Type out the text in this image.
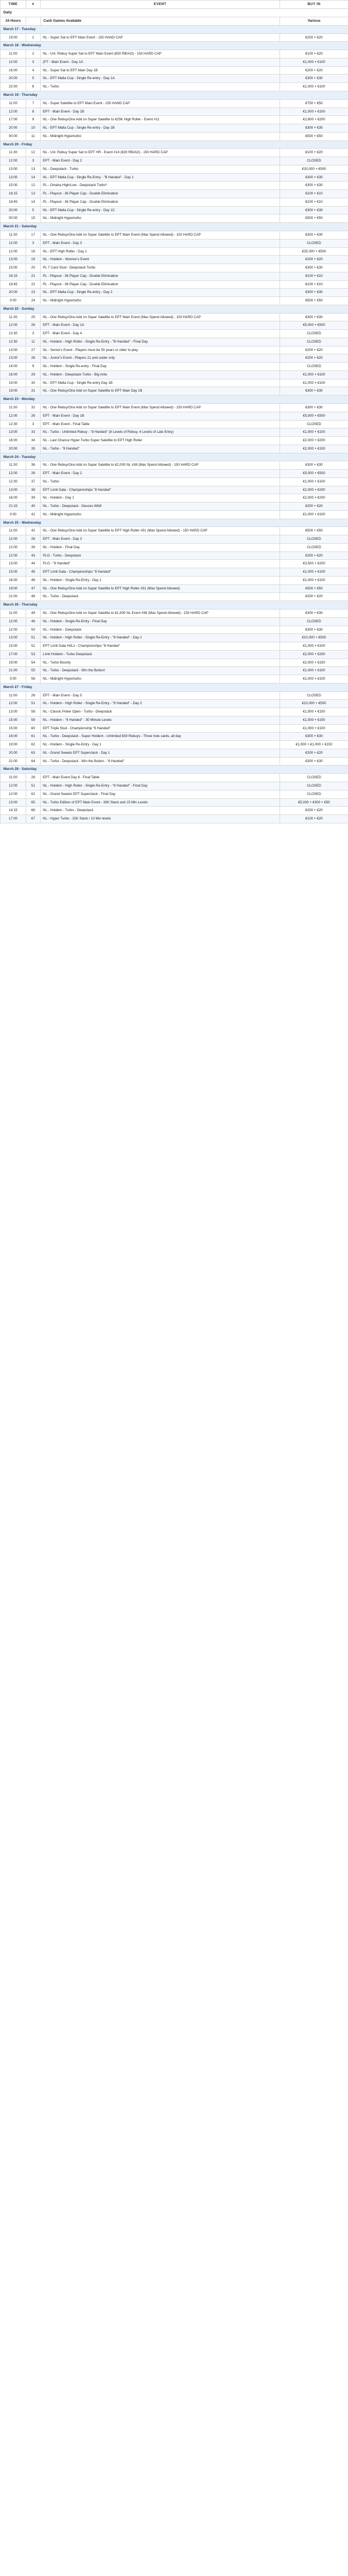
TIME	#	EVENT	BUY IN
Daily			
24 Hours		Cash Games Available	Various
March 17 - Tuesday			
19:00	1	NL - Super Sat to EPT Main Event - 150 HAND CAP	€200 + €20
March 18 - Wednesday			
11:00	2	NL - Unl. Rebuy Super Sat to EPT Main Event (€50 RB/AO) - 150 HARD CAP	€100 + €20
12:00	3	(PT - Main Event - Day 1A	€1,000 + €100
16:00	4	NL - Super Sat to EPT Main Day 1B	€200 + €20
20:00	5	NL - EPT Malta Cup - Single Re-entry - Day 1A	€300 + €30
22:00	6	NL - Turbo	€1,000 + €100
March 19 - Thursday			
11:00	7	NL - Super Satellite to EPT Main Event - 150 HAND CAP	€750 + €50
12:00	8	EPT - Main Event - Day 1B	€1,000 + €100
17:00	9	NL - One Rebuy/One Add on Super Satellite to €25K High Roller - Event #11	€2,800 + €200
20:00	10	NL - EPT Malta Cup - Single Re-entry - Day 1B	€300 + €30
00:00	11	NL - Midnight Hyperturbo	€500 + €50
March 20 - Friday			
11:30	12	NL - Unl. Rebuy Super Sat to EPT HR - Event #14 (€30 RB/AO) - 150 HARD CAP	€100 + €20
12:00	3	EPT - Main Event - Day 2	CLOSED
13:00	13	NL - Deepstack - Turbo	€20,000 + €500
13:00	14	NL - EPT Malta Cup - Single Re-Entry - "B Handed" - Day 1	€300 + €30
15:00	12	PL - Omaha High/Low - Deepstack Turbo*	€300 + €30
16:15	13	PL - Playout - 36 Player Cap - Double Elimination	€100 + €10
18:45	14	PL - Playout - 36 Player Cap - Double Elimination	€100 + €10
20:00	5	NL - EPT Malta Cup - Single Re-entry - Day 1C	€300 + €30
00:00	15	NL - Midnight Hyperturbo	€500 + €50
March 21 - Saturday			
11:30	17	NL - One Rebuy/One Add on Super Satellite to EPT Main Event (Max Spend Allowed) - 150 HARD CAP	€300 + €30
12:00	3	EPT - Main Event - Day 3	CLOSED
12:00	18	NL - EPT High Roller - Day 1	€25,000 + €500
13:00	19	NL - Holdem - Women's Event	€200 + €20
15:00	20	PL 7 Card Stud - Deepstack Turbo	€300 + €30
16:15	21	PL - Playout - 36 Player Cap - Double Elimination	€100 + €10
18:45	22	PL - Playout - 36 Player Cap - Double Elimination	€100 + €10
20:00	23	NL - EPT Malta Cup - Single Re-entry - Day 2	€300 + €30
0:00	24	NL - Midnight Hyperturbo	€500 + €50
March 22 - Sunday			
11:30	25	NL - One Rebuy/One Add on Super Satellite to EPT Main Event (Max Spend Allowed) - 150 HARD CAP	€300 + €30
12:00	26	EPT - Main Event - Day 1A	€5,000 + €500
12:30	3	EPT - Main Event - Day 4	CLOSED
12:30	11	NL - Holdem - High Roller - Single Re-Entry - "B Handed" - Final Day	CLOSED
13:00	27	NL - Senior's Event - Players must be 50 years or older to play	€200 + €20
13:00	28	NL - Junior's Event - Players 21 and under only	€200 + €20
14:00	9	NL - Holdem - Single Re-entry - Final Day	CLOSED
16:00	29	NL - Holdem - Deepstack Turbo - Big Ante	€1,000 + €100
19:00	30	NL - EPT Malta Cup - Single Re-entry Day 1B	€1,000 + €100
19:00	31	NL - One Rebuy/One Add on Super Satellite to EPT Main Day 1B	€300 + €30
March 23 - Monday			
11:30	32	NL - One Rebuy/One Add on Super Satellite to EPT Main Event (Max Spend Allowed) - 150 HARD CAP	€300 + €30
12:00	26	EPT - Main Event - Day 1B	€5,000 + €500
12:30	3	EPT - Main Event - Final Table	CLOSED
13:00	33	NL - Turbo - Unlimited Rebuy - "8 Handed" (8 Levels of Rebuy, 4 Levels of Late Entry)	€1,000 + €100
16:00	34	NL - Last Chance Hyper Turbo Super Satellite to EPT High Roller	€2,000 + €200
20:00	35	NL - Turbo - "8 Handed"	€2,000 + €150
March 24 - Tuesday			
11:30	36	NL - One Rebuy/One Add on Super Satellite to €2,000 NL #38 (Max Spend Allowed) - 150 HARD CAP	€300 + €30
12:00	26	EPT - Main Event - Day 2	€5,000 + €500
12:30	37	NL - Turbo	€1,000 + €100
13:00	38	EPT Limit Gala - Championships "8 Handed"	€2,000 + €200
16:00	39	NL - Holdem - Day 1	€2,000 + €200
21:15	40	NL - Turbo - Deepstack - Deuces Wild!	€200 + €20
0:00	41	NL - Midnight Hyperturbo	€1,000 + €100
March 25 - Wednesday			
11:00	42	NL - One Rebuy/One Add on Super Satellite to EPT High Roller #51 (Max Spend Allowed) - 150 HARD CAP	€500 + €50
12:00	26	EPT - Main Event - Day 3	CLOSED
12:00	39	NL - Holdem - Final Day	CLOSED
12:00	43	PLO - Turbo - Deepstack	€200 + €20
13:00	44	PLO - "8 Handed"	€3,500 + €200
15:00	45	EPT Limit Gala - Championships "8 Handed"	€1,000 + €100
16:00	46	NL - Holdem - Single Re-Entry - Day 1	€1,000 + €100
19:00	47	NL - One Rebuy/One Add on Super Satellite to EPT High Roller #51 (Max Spend Allowed)	€500 + €50
21:00	48	NL - Turbo - Deepstack	€200 + €20
March 26 - Thursday			
11:00	49	NL - One Rebuy/One Add on Super Satellite to €1,500 NL Event #58 (Max Spend Allowed) - 150 HARD CAP	€300 + €30
12:00	46	NL - Holdem - Single Re-Entry - Final Day	CLOSED
12:00	50	NL - Holdem - Deepstack	€300 + €30
13:00	51	NL - Holdem - High Roller - Single Re-Entry - "8 Handed" - Day 1	€10,000 + €500
15:00	52	EPT Limit Gala Hi/Lo - Championships "8 Handed"	€1,000 + €100
17:00	53	Limit Holdem - Turbo Deepstack	€2,000 + €200
19:00	54	NL - Turbo Bounty	€2,000 + €150
21:00	55	NL - Turbo - Deepstack - Win the Button!	€1,000 + €100
0:00	56	NL - Midnight Hyperturbo	€1,000 + €100
March 27 - Friday			
11:00	26	EPT - Main Event - Day 5	CLOSED
12:00	51	NL - Holdem - High Roller - Single Re-Entry - "8 Handed" - Day 2	€10,000 + €500
13:00	58	NL - Classic Poker Open - Turbo - Deepstack	€1,500 + €150
15:00	59	NL - Holdem - "6 Handed" - 30 Minute Levels	€1,500 + €150
15:00	60	EPT Triple Stud - Championship "8 Handed"	€1,000 + €100
16:00	61	NL - Turbo - Deepstack - Super Holdem - Unlimited €50 Rebuys - Three hole cards, all day	€300 + €30
19:00	62	NL - Holdem - Single Re-Entry - Day 1	€1,000 + €1,000 + €150
20:00	63	NL - Grand Sweets EPT Superstack - Day 1	€200 + €20
21:00	64	NL - Turbo - Deepstack - Win the Button - "6 Handed"	€300 + €30
March 28 - Saturday			
11:00	26	EPT - Main Event Day 6 - Final Table	CLOSED
12:00	51	NL - Holdem - High Roller - Single Re-Entry - "8 Handed" - Final Day	CLOSED
12:00	62	NL - Grand Sweets EPT Superstack - Final Day	CLOSED
13:00	65	NL - Turbo Edition of EPT Main Event - 30K Stack and 15 Min Levels	€5,000 + €300 + €50
14:15	66	NL - Holdem - Turbo - Deepstack	€200 + €20
17:00	67	NL - Hyper Turbo - 15K Stack / 10 Min levels	€100 + €20
